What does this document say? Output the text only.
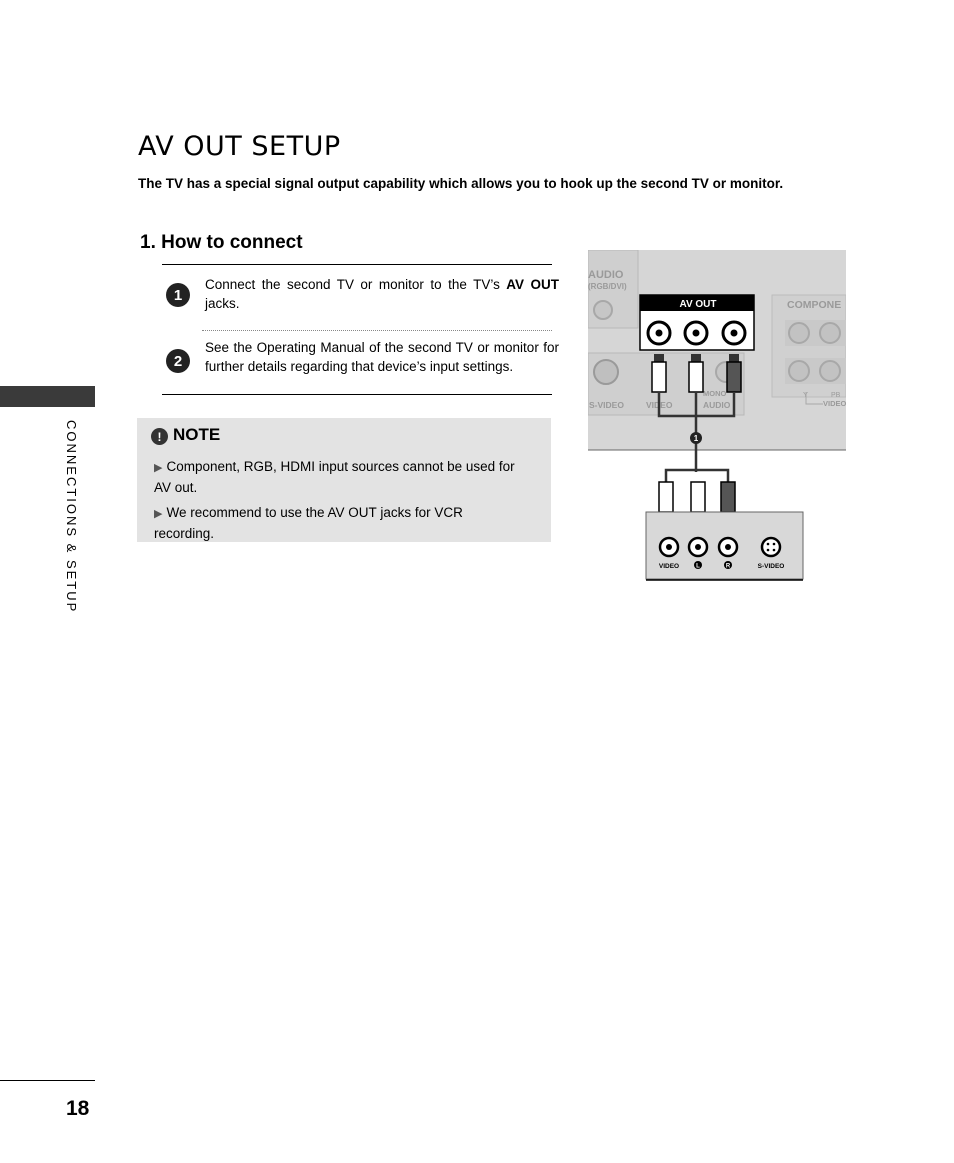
AV OUT SETUP

The TV has a special signal output capability which allows you to hook up the second TV or monitor.

1. How to connect
1

Connect the second TV or monitor to the TV’s AV OUT jacks.

2

See the Operating Manual of the second TV or monitor for further details regarding that device’s input settings.

CONNECTIONS & SETUP	! NOTE

▶ Component, RGB, HDMI input sources cannot be used for AV out.

▶ We recommend to use the AV OUT jacks for VCR recording.

AUDIO
(RGB/DVI)
S-VIDEO	VIDEO
MONO
AUDIO
COMPONE
Y	PB
VIDEO
AV OUT
1
VIDEO	L	R	S-VIDEO

18
